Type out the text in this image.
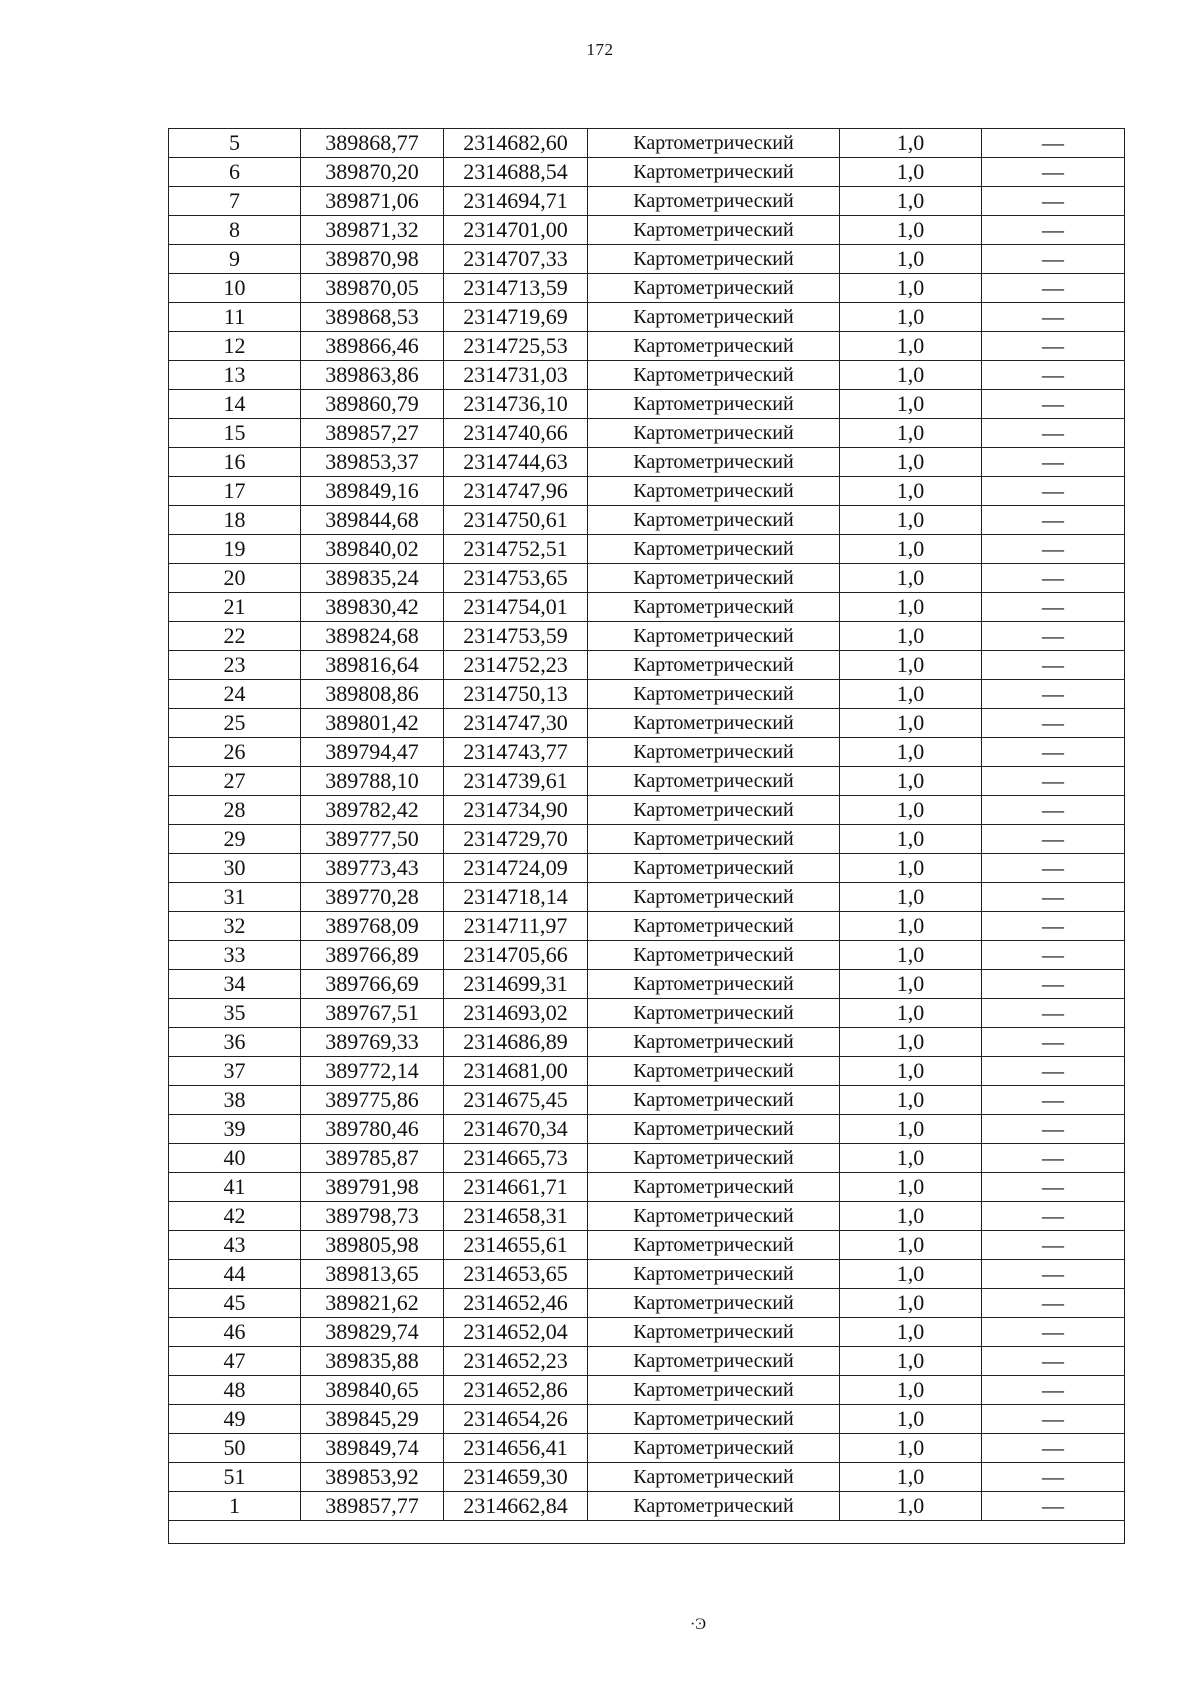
172
5	389868,77	2314682,60	Картометрический	1,0	—
6	389870,20	2314688,54	Картометрический	1,0	—
7	389871,06	2314694,71	Картометрический	1,0	—
8	389871,32	2314701,00	Картометрический	1,0	—
9	389870,98	2314707,33	Картометрический	1,0	—
10	389870,05	2314713,59	Картометрический	1,0	—
11	389868,53	2314719,69	Картометрический	1,0	—
12	389866,46	2314725,53	Картометрический	1,0	—
13	389863,86	2314731,03	Картометрический	1,0	—
14	389860,79	2314736,10	Картометрический	1,0	—
15	389857,27	2314740,66	Картометрический	1,0	—
16	389853,37	2314744,63	Картометрический	1,0	—
17	389849,16	2314747,96	Картометрический	1,0	—
18	389844,68	2314750,61	Картометрический	1,0	—
19	389840,02	2314752,51	Картометрический	1,0	—
20	389835,24	2314753,65	Картометрический	1,0	—
21	389830,42	2314754,01	Картометрический	1,0	—
22	389824,68	2314753,59	Картометрический	1,0	—
23	389816,64	2314752,23	Картометрический	1,0	—
24	389808,86	2314750,13	Картометрический	1,0	—
25	389801,42	2314747,30	Картометрический	1,0	—
26	389794,47	2314743,77	Картометрический	1,0	—
27	389788,10	2314739,61	Картометрический	1,0	—
28	389782,42	2314734,90	Картометрический	1,0	—
29	389777,50	2314729,70	Картометрический	1,0	—
30	389773,43	2314724,09	Картометрический	1,0	—
31	389770,28	2314718,14	Картометрический	1,0	—
32	389768,09	2314711,97	Картометрический	1,0	—
33	389766,89	2314705,66	Картометрический	1,0	—
34	389766,69	2314699,31	Картометрический	1,0	—
35	389767,51	2314693,02	Картометрический	1,0	—
36	389769,33	2314686,89	Картометрический	1,0	—
37	389772,14	2314681,00	Картометрический	1,0	—
38	389775,86	2314675,45	Картометрический	1,0	—
39	389780,46	2314670,34	Картометрический	1,0	—
40	389785,87	2314665,73	Картометрический	1,0	—
41	389791,98	2314661,71	Картометрический	1,0	—
42	389798,73	2314658,31	Картометрический	1,0	—
43	389805,98	2314655,61	Картометрический	1,0	—
44	389813,65	2314653,65	Картометрический	1,0	—
45	389821,62	2314652,46	Картометрический	1,0	—
46	389829,74	2314652,04	Картометрический	1,0	—
47	389835,88	2314652,23	Картометрический	1,0	—
48	389840,65	2314652,86	Картометрический	1,0	—
49	389845,29	2314654,26	Картометрический	1,0	—
50	389849,74	2314656,41	Картометрический	1,0	—
51	389853,92	2314659,30	Картометрический	1,0	—
1	389857,77	2314662,84	Картометрический	1,0	—

·Ͽ
